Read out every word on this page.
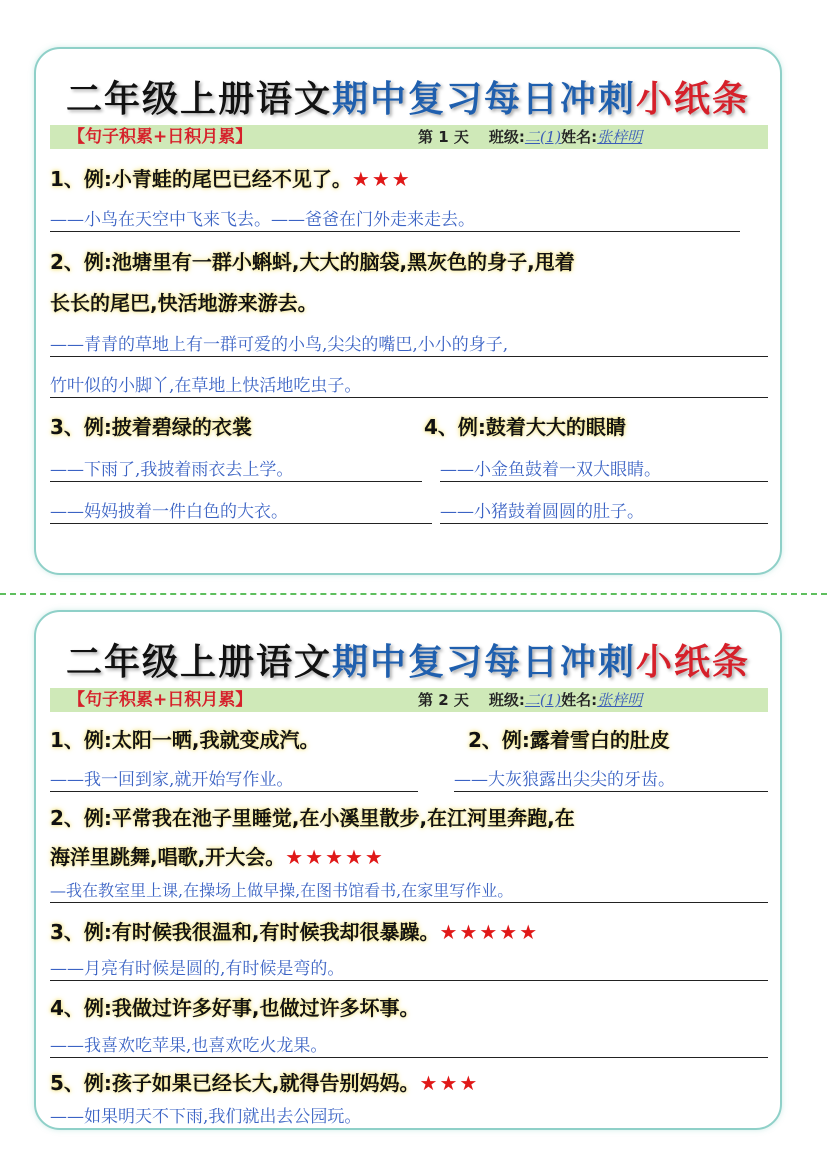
二年级上册语文期中复习每日冲刺小纸条
【句子积累+日积月累】	第 1 天 班级:二(1)姓名:张梓明
1、例:小青蛙的尾巴已经不见了。★★★
——小鸟在天空中飞来飞去。——爸爸在门外走来走去。
2、例:池塘里有一群小蝌蚪,大大的脑袋,黑灰色的身子,甩着
长长的尾巴,快活地游来游去。
——青青的草地上有一群可爱的小鸟,尖尖的嘴巴,小小的身子,
竹叶似的小脚丫,在草地上快活地吃虫子。
3、例:披着碧绿的衣裳	4、例:鼓着大大的眼睛
——下雨了,我披着雨衣去上学。	——小金鱼鼓着一双大眼睛。
——妈妈披着一件白色的大衣。	——小猪鼓着圆圆的肚子。
二年级上册语文期中复习每日冲刺小纸条
【句子积累+日积月累】	第 2 天 班级:二(1)姓名:张梓明
1、例:太阳一晒,我就变成汽。	2、例:露着雪白的肚皮
——我一回到家,就开始写作业。	——大灰狼露出尖尖的牙齿。
2、例:平常我在池子里睡觉,在小溪里散步,在江河里奔跑,在
海洋里跳舞,唱歌,开大会。★★★★★
—我在教室里上课,在操场上做早操,在图书馆看书,在家里写作业。
3、例:有时候我很温和,有时候我却很暴躁。★★★★★
——月亮有时候是圆的,有时候是弯的。
4、例:我做过许多好事,也做过许多坏事。
——我喜欢吃苹果,也喜欢吃火龙果。
5、例:孩子如果已经长大,就得告别妈妈。★★★
——如果明天不下雨,我们就出去公园玩。
